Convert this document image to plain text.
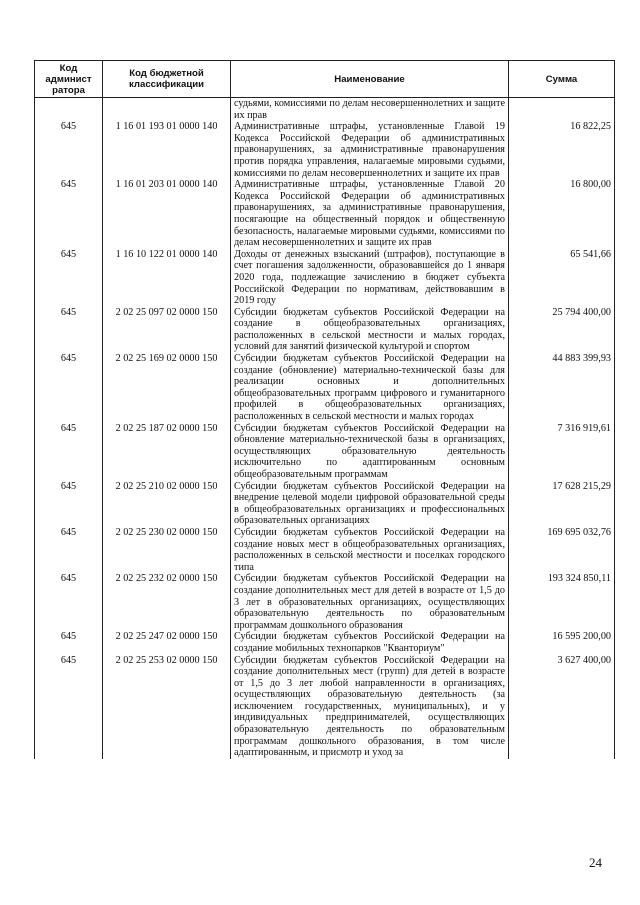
Код
админист
ратора	Код бюджетной
классификации	Наименование	Сумма
		судьями, комиссиями по делам несовершеннолетних и защите их прав	
645	1 16 01 193 01 0000 140	Административные штрафы, установленные Главой 19 Кодекса Российской Федерации об административных правонарушениях, за административные правонарушения против порядка управления, налагаемые мировыми судьями, комиссиями по делам несовершеннолетних и защите их прав	16 822,25
645	1 16 01 203 01 0000 140	Административные штрафы, установленные Главой 20 Кодекса Российской Федерации об административных правонарушениях, за административные правонарушения, посягающие на общественный порядок и общественную безопасность, налагаемые мировыми судьями, комиссиями по делам несовершеннолетних и защите их прав	16 800,00
645	1 16 10 122 01 0000 140	Доходы от денежных взысканий (штрафов), поступающие в счет погашения задолженности, образовавшейся до 1 января 2020 года, подлежащие зачислению в бюджет субъекта Российской Федерации по нормативам, действовавшим в 2019 году	65 541,66
645	2 02 25 097 02 0000 150	Субсидии бюджетам субъектов Российской Федерации на создание в общеобразовательных организациях, расположенных в сельской местности и малых городах, условий для занятий физической культурой и спортом	25 794 400,00
645	2 02 25 169 02 0000 150	Субсидии бюджетам субъектов Российской Федерации на создание (обновление) материально-технической базы для реализации основных и дополнительных общеобразовательных программ цифрового и гуманитарного профилей в общеобразовательных организациях, расположенных в сельской местности и малых городах	44 883 399,93
645	2 02 25 187 02 0000 150	Субсидии бюджетам субъектов Российской Федерации на обновление материально-технической базы в организациях, осуществляющих образовательную деятельность исключительно по адаптированным основным общеобразовательным программам	7 316 919,61
645	2 02 25 210 02 0000 150	Субсидии бюджетам субъектов Российской Федерации на внедрение целевой модели цифровой образовательной среды в общеобразовательных организациях и профессиональных образовательных организациях	17 628 215,29
645	2 02 25 230 02 0000 150	Субсидии бюджетам субъектов Российской Федерации на создание новых мест в общеобразовательных организациях, расположенных в сельской местности и поселках городского типа	169 695 032,76
645	2 02 25 232 02 0000 150	Субсидии бюджетам субъектов Российской Федерации на создание дополнительных мест для детей в возрасте от 1,5 до 3 лет в образовательных организациях, осуществляющих образовательную деятельность по образовательным программам дошкольного образования	193 324 850,11
645	2 02 25 247 02 0000 150	Субсидии бюджетам субъектов Российской Федерации на создание мобильных технопарков "Кванториум"	16 595 200,00
645	2 02 25 253 02 0000 150	Субсидии бюджетам субъектов Российской Федерации на создание дополнительных мест (групп) для детей в возрасте от 1,5 до 3 лет любой направленности в организациях, осуществляющих образовательную деятельность (за исключением государственных, муниципальных), и у индивидуальных предпринимателей, осуществляющих образовательную деятельность по образовательным программам дошкольного образования, в том числе адаптированным, и присмотр и уход за	3 627 400,00
24
